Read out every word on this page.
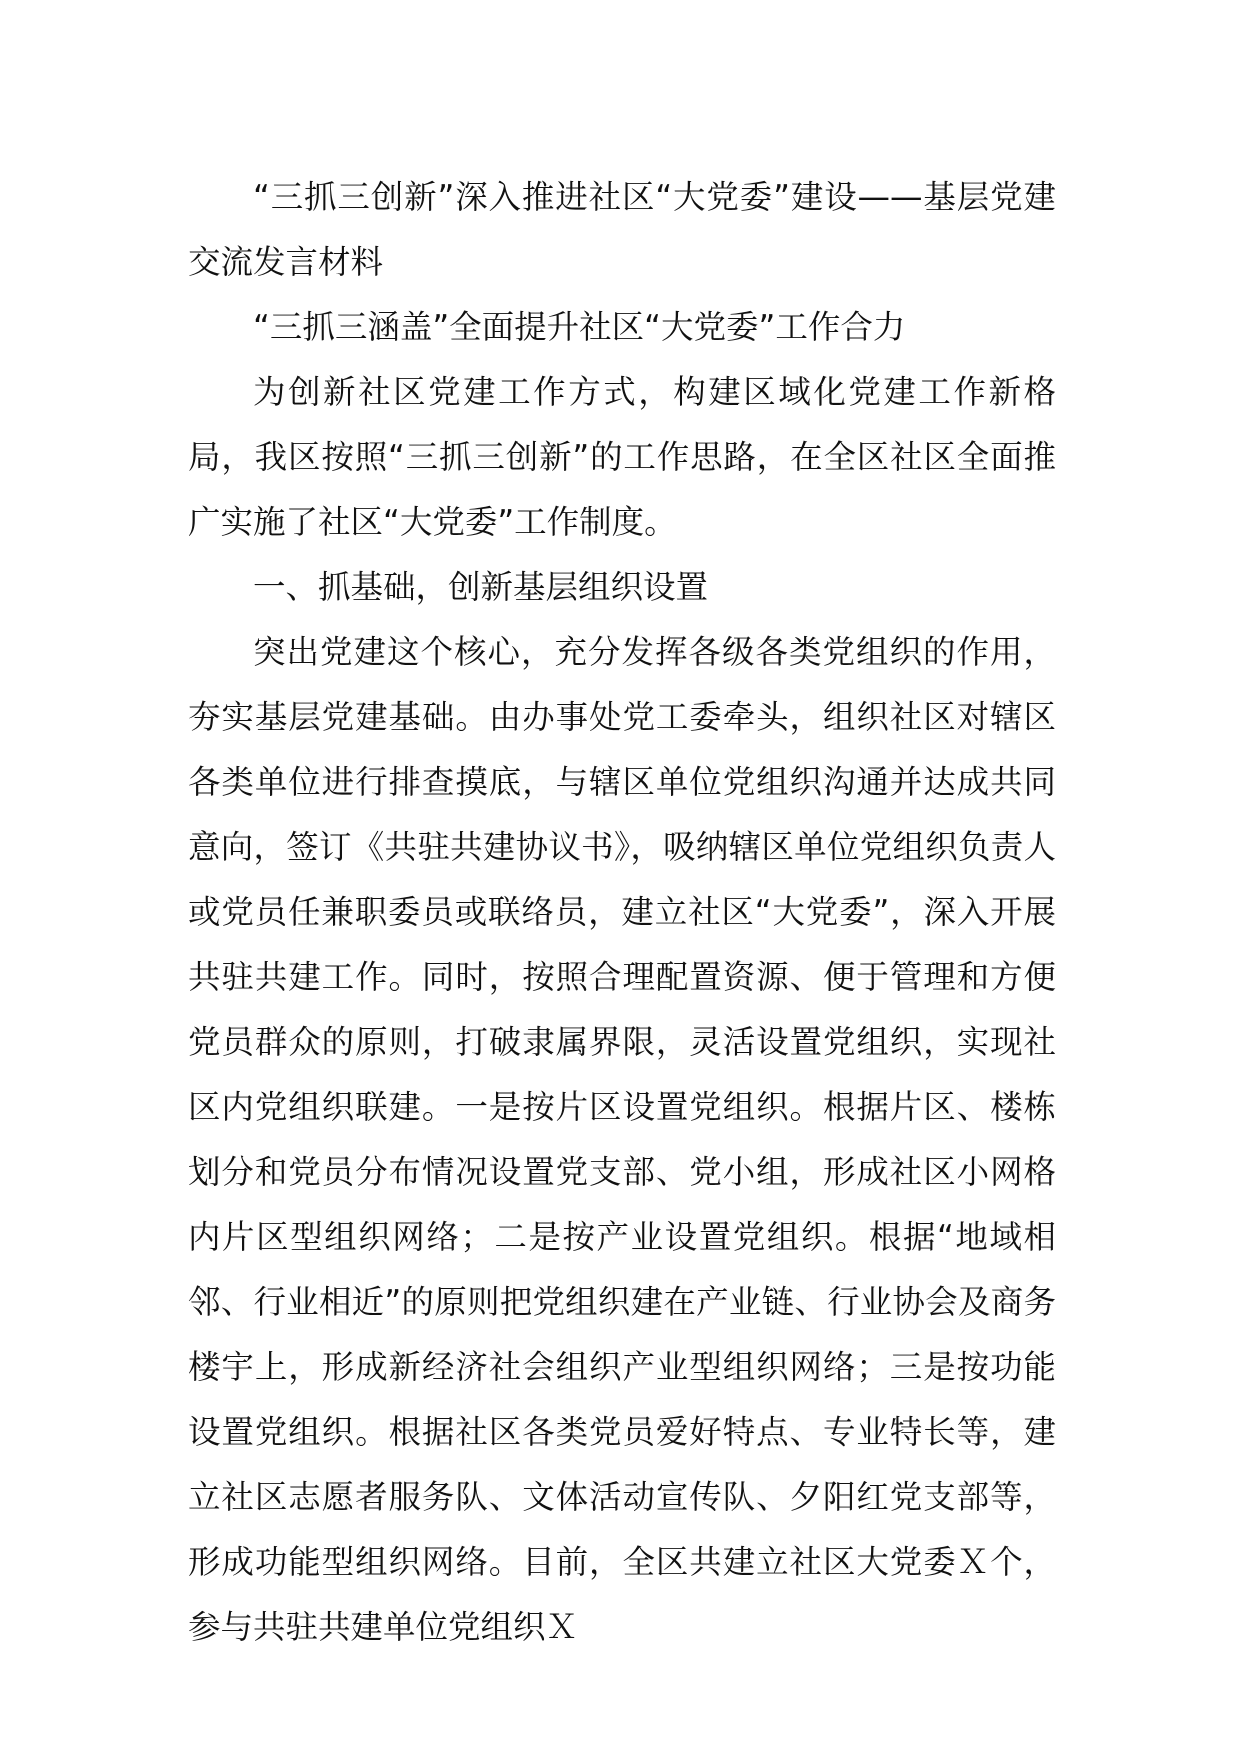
“三抓三创新”深入推进社区“大党委”建设——基层党建交流发言材料

“三抓三涵盖”全面提升社区“大党委”工作合力

为创新社区党建工作方式，构建区域化党建工作新格局，我区按照“三抓三创新”的工作思路，在全区社区全面推广实施了社区“大党委”工作制度。

一、抓基础，创新基层组织设置

突出党建这个核心，充分发挥各级各类党组织的作用，夯实基层党建基础。由办事处党工委牵头，组织社区对辖区各类单位进行排查摸底，与辖区单位党组织沟通并达成共同意向，签订《共驻共建协议书》，吸纳辖区单位党组织负责人或党员任兼职委员或联络员，建立社区“大党委”，深入开展共驻共建工作。同时，按照合理配置资源、便于管理和方便党员群众的原则，打破隶属界限，灵活设置党组织，实现社区内党组织联建。一是按片区设置党组织。根据片区、楼栋划分和党员分布情况设置党支部、党小组，形成社区小网格内片区型组织网络；二是按产业设置党组织。根据“地域相邻、行业相近”的原则把党组织建在产业链、行业协会及商务楼宇上，形成新经济社会组织产业型组织网络；三是按功能设置党组织。根据社区各类党员爱好特点、专业特长等，建立社区志愿者服务队、文体活动宣传队、夕阳红党支部等，形成功能型组织网络。目前，全区共建立社区大党委Ｘ个，参与共驻共建单位党组织Ｘ
